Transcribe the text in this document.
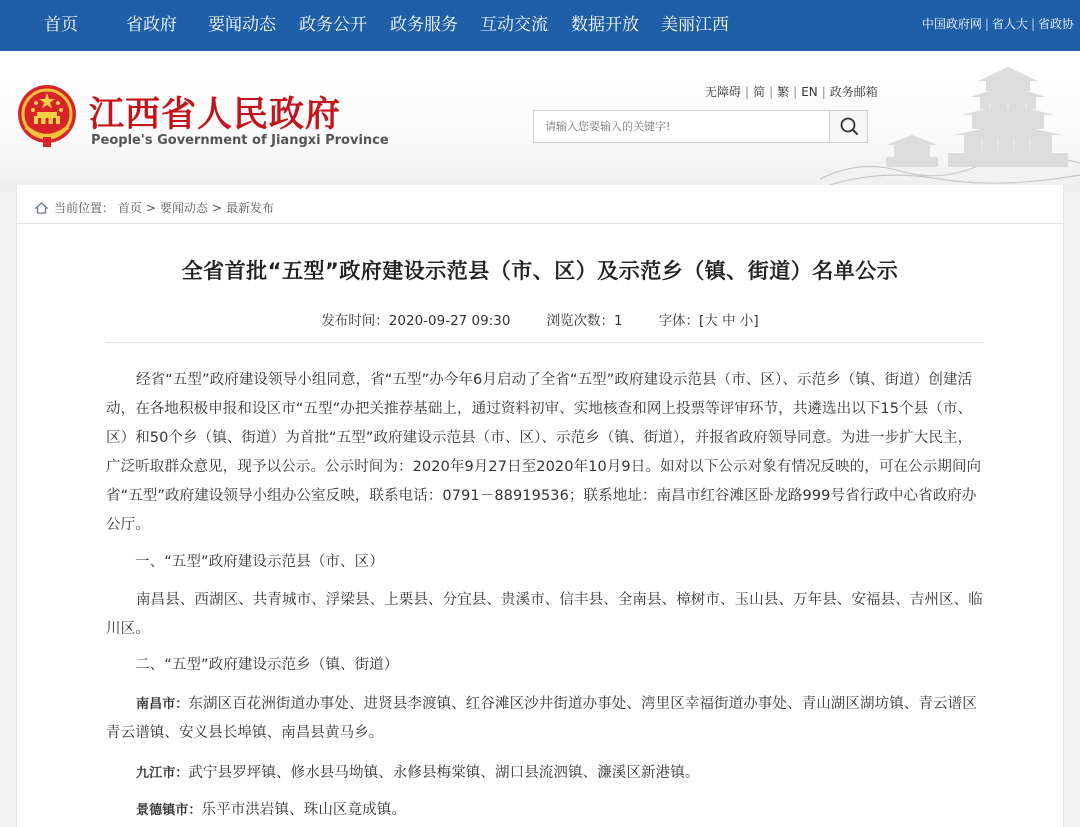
首页	省政府 要闻动态 政务公开 政务服务 互动交流 数据开放 美丽江西	中国政府网 | 省人大 | 省政协
江西省人民政府
People's Government of Jiangxi Province
无障碍 | 简 | 繁 | EN | 政务邮箱
请输入您要输入的关键字!
当前位置： 首页 > 要闻动态 > 最新发布
全省首批“五型”政府建设示范县（市、区）及示范乡（镇、街道）名单公示
发布时间：2020-09-27 09:30	浏览次数：1	字体：[大 中 小]

经省“五型”政府建设领导小组同意，省“五型”办今年6月启动了全省“五型”政府建设示范县（市、区）、示范乡（镇、街道）创建活动，在各地积极申报和设区市“五型”办把关推荐基础上，通过资料初审、实地核查和网上投票等评审环节，共遴选出以下15个县（市、区）和50个乡（镇、街道）为首批“五型”政府建设示范县（市、区）、示范乡（镇、街道），并报省政府领导同意。为进一步扩大民主，广泛听取群众意见，现予以公示。公示时间为：2020年9月27日至2020年10月9日。如对以下公示对象有情况反映的，可在公示期间向省“五型”政府建设领导小组办公室反映，联系电话：0791－88919536；联系地址：南昌市红谷滩区卧龙路999号省行政中心省政府办公厅。

一、“五型”政府建设示范县（市、区）

南昌县、西湖区、共青城市、浮梁县、上栗县、分宜县、贵溪市、信丰县、全南县、樟树市、玉山县、万年县、安福县、吉州区、临川区。

二、“五型”政府建设示范乡（镇、街道）

南昌市：东湖区百花洲街道办事处、进贤县李渡镇、红谷滩区沙井街道办事处、湾里区幸福街道办事处、青山湖区湖坊镇、青云谱区青云谱镇、安义县长埠镇、南昌县黄马乡。

九江市：武宁县罗坪镇、修水县马坳镇、永修县梅棠镇、湖口县流泗镇、濂溪区新港镇。

景德镇市：乐平市洪岩镇、珠山区竟成镇。
